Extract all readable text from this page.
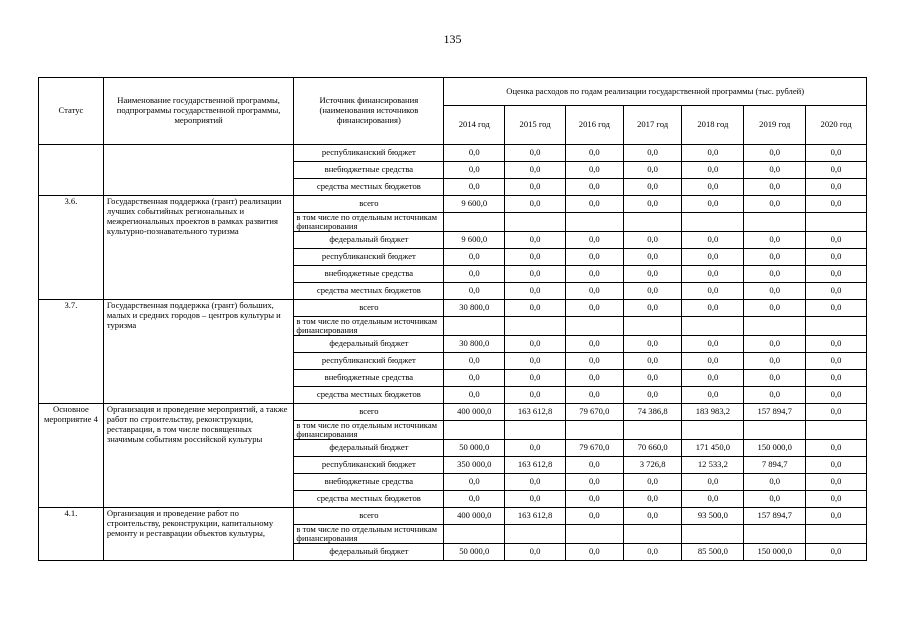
135
Статус	Наименование государственной программы, подпрограммы государственной программы, мероприятий	Источник финансирования (наименования источников финансирования)	Оценка расходов по годам реализации государственной программы (тыс. рублей)						
			2014 год	2015 год	2016 год	2017 год	2018 год	2019 год	2020 год
		республиканский бюджет	0,0	0,0	0,0	0,0	0,0	0,0	0,0
		внебюджетные средства	0,0	0,0	0,0	0,0	0,0	0,0	0,0
		средства местных бюджетов	0,0	0,0	0,0	0,0	0,0	0,0	0,0
3.6.	Государственная поддержка (грант) реализации лучших событийных региональных и межрегиональных проектов в рамках развития культурно-познавательного туризма	всего	9 600,0	0,0	0,0	0,0	0,0	0,0	0,0
		в том числе по отдельным источникам финансирования							
		федеральный бюджет	9 600,0	0,0	0,0	0,0	0,0	0,0	0,0
		республиканский бюджет	0,0	0,0	0,0	0,0	0,0	0,0	0,0
		внебюджетные средства	0,0	0,0	0,0	0,0	0,0	0,0	0,0
		средства местных бюджетов	0,0	0,0	0,0	0,0	0,0	0,0	0,0
3.7.	Государственная поддержка (грант) больших, малых и средних городов – центров культуры и туризма	всего	30 800,0	0,0	0,0	0,0	0,0	0,0	0,0
		в том числе по отдельным источникам финансирования							
		федеральный бюджет	30 800,0	0,0	0,0	0,0	0,0	0,0	0,0
		республиканский бюджет	0,0	0,0	0,0	0,0	0,0	0,0	0,0
		внебюджетные средства	0,0	0,0	0,0	0,0	0,0	0,0	0,0
		средства местных бюджетов	0,0	0,0	0,0	0,0	0,0	0,0	0,0
Основное мероприятие 4	Организация и проведение мероприятий, а также работ по строительству, реконструкции, реставрации, в том числе посвященных значимым событиям российской культуры	всего	400 000,0	163 612,8	79 670,0	74 386,8	183 983,2	157 894,7	0,0
		в том числе по отдельным источникам финансирования							
		федеральный бюджет	50 000,0	0,0	79 670,0	70 660,0	171 450,0	150 000,0	0,0
		республиканский бюджет	350 000,0	163 612,8	0,0	3 726,8	12 533,2	7 894,7	0,0
		внебюджетные средства	0,0	0,0	0,0	0,0	0,0	0,0	0,0
		средства местных бюджетов	0,0	0,0	0,0	0,0	0,0	0,0	0,0
4.1.	Организация и проведение работ по строительству, реконструкции, капитальному ремонту и реставрации объектов культуры,	всего	400 000,0	163 612,8	0,0	0,0	93 500,0	157 894,7	0,0
		в том числе по отдельным источникам финансирования							
		федеральный бюджет	50 000,0	0,0	0,0	0,0	85 500,0	150 000,0	0,0
